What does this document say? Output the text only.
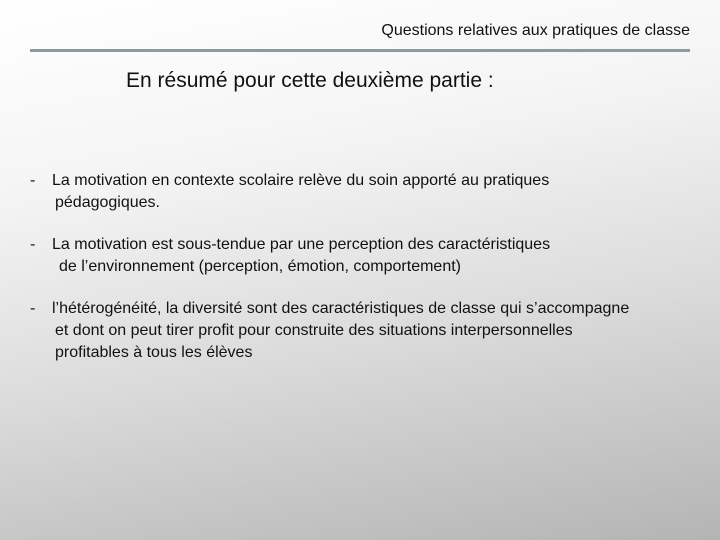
Questions relatives aux pratiques de classe
En résumé pour cette deuxième partie :
- La motivation en contexte scolaire relève du soin apporté au pratiques
pédagogiques.
- La motivation est sous-tendue par une perception des caractéristiques
de l’environnement (perception, émotion, comportement)
- l’hétérogénéité, la diversité sont des caractéristiques de classe qui s’accompagne
et dont on peut tirer profit pour construite des situations interpersonnelles
profitables à tous les élèves
